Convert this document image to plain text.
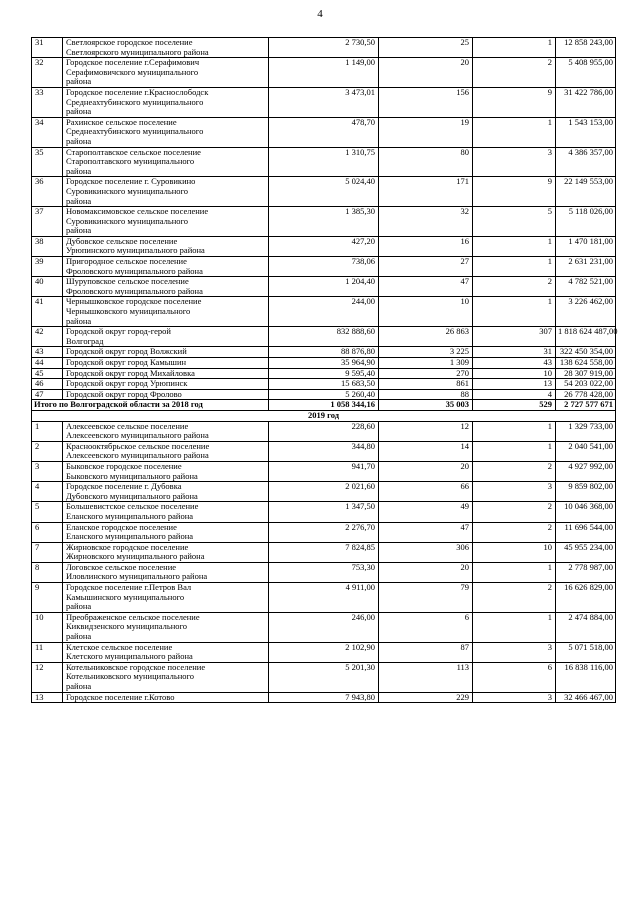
4
31	Светлоярское городское поселение
Светлоярского муниципального района	2 730,50	25	1	12 858 243,00
32	Городское поселение г.Серафимович
Серафимовичского муниципального
района	1 149,00	20	2	5 408 955,00
33	Городское поселение г.Краснослободск
Среднеахтубинского муниципального
района	3 473,01	156	9	31 422 786,00
34	Рахинское сельское поселение
Среднеахтубинского муниципального
района	478,70	19	1	1 543 153,00
35	Старополтавское сельское поселение
Старополтавского муниципального
района	1 310,75	80	3	4 386 357,00
36	Городское поселение г. Суровикино
Суровикинского муниципального
района	5 024,40	171	9	22 149 553,00
37	Новомаксимовское сельское поселение
Суровикинского муниципального
района	1 385,30	32	5	5 118 026,00
38	Дубовское сельское поселение
Урюпинского муниципального района	427,20	16	1	1 470 181,00
39	Пригородное сельское поселение
Фроловского муниципального района	738,06	27	1	2 631 231,00
40	Шуруповское сельское поселение
Фроловского муниципального района	1 204,40	47	2	4 782 521,00
41	Чернышковское городское поселение
Чернышковского муниципального
района	244,00	10	1	3 226 462,00
42	Городской округ город-герой
Волгоград	832 888,60	26 863	307	1 818 624 487,00
43	Городской округ город Волжский	88 876,80	3 225	31	322 450 354,00
44	Городской округ город Камышин	35 964,90	1 309	43	138 624 558,00
45	Городской округ город Михайловка	9 595,40	270	10	28 307 919,00
46	Городской округ город Урюпинск	15 683,50	861	13	54 203 022,00
47	Городской округ город Фролово	5 260,40	88	4	26 778 428,00
Итого по Волгоградской области за 2018 год		1 058 344,16	35 003	529	2 727 577 671
2019 год					
1	Алексеевское сельское поселение
Алексеевского муниципального района	228,60	12	1	1 329 733,00
2	Краснооктябрьское сельское поселение
Алексеевского муниципального района	344,80	14	1	2 040 541,00
3	Быковское городское поселение
Быковского муниципального района	941,70	20	2	4 927 992,00
4	Городское поселение г. Дубовка
Дубовского муниципального района	2 021,60	66	3	9 859 802,00
5	Большевистское сельское поселение
Еланского муниципального района	1 347,50	49	2	10 046 368,00
6	Еланское городское поселение
Еланского муниципального района	2 276,70	47	2	11 696 544,00
7	Жирновское городское поселение
Жирновского муниципального района	7 824,85	306	10	45 955 234,00
8	Логовское сельское поселение
Иловлинского муниципального района	753,30	20	1	2 778 987,00
9	Городское поселение г.Петров Вал
Камышинского муниципального
района	4 911,00	79	2	16 626 829,00
10	Преображенское сельское поселение
Киквидзенского муниципального
района	246,00	6	1	2 474 884,00
11	Клетское сельское поселение
Клетского муниципального района	2 102,90	87	3	5 071 518,00
12	Котельниковское городское поселение
Котельниковского муниципального
района	5 201,30	113	6	16 838 116,00
13	Городское поселение г.Котово	7 943,80	229	3	32 466 467,00
